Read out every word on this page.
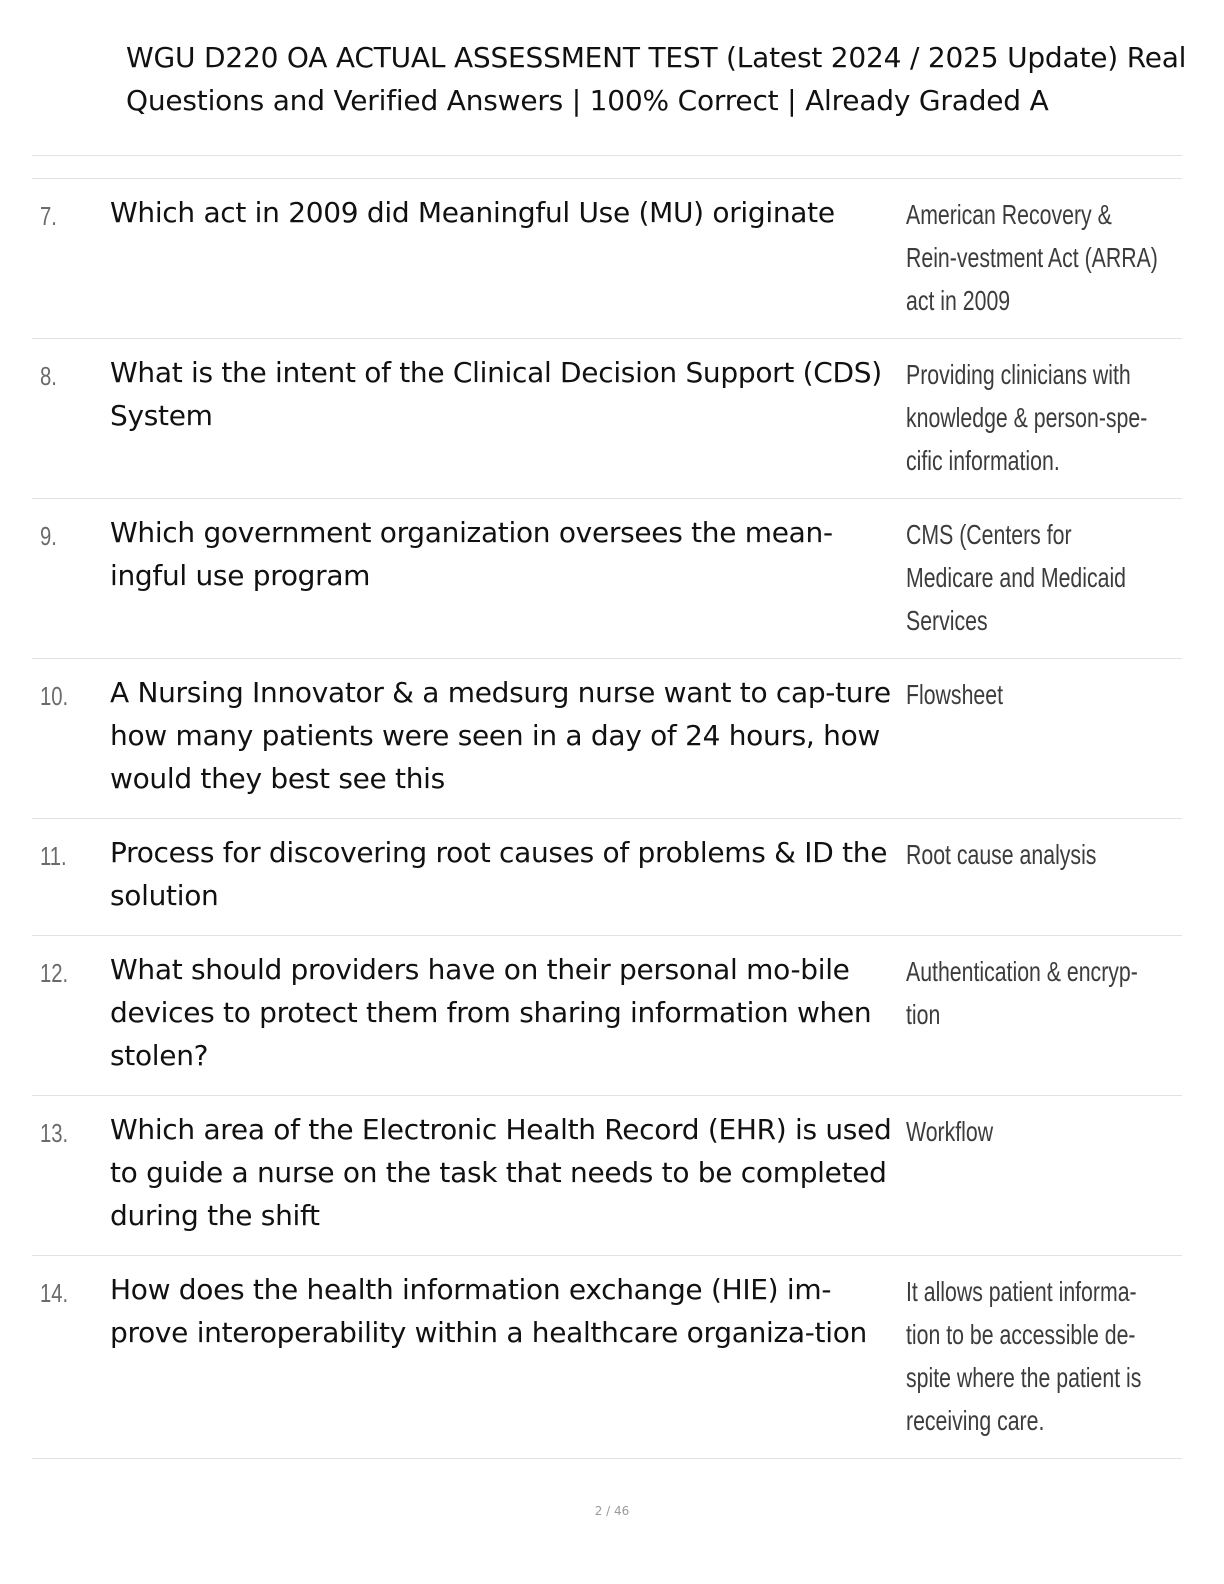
WGU D220 OA ACTUAL ASSESSMENT TEST (Latest 2024 / 2025 Update) Real
Questions and Verified Answers | 100% Correct | Already Graded A
7. Which act in 2009 did Meaningful Use (MU) originate	American Recovery & Rein-vestment Act (ARRA) act in 2009
8. What is the intent of the Clinical Decision Support (CDS) System
Providing clinicians with knowledge & person-spe-cific information.
9. Which government organization oversees the mean-ingful use program
CMS (Centers for Medicare and Medicaid Services
10. A Nursing Innovator & a medsurg nurse want to cap-ture how many patients were seen in a day of 24 hours, how would they best see this
Flowsheet
11. Process for discovering root causes of problems & ID the solution
Root cause analysis
12. What should providers have on their personal mo-bile devices to protect them from sharing information when stolen?
Authentication & encryp-tion
13. Which area of the Electronic Health Record (EHR) is used to guide a nurse on the task that needs to be completed during the shift
Workflow
14. How does the health information exchange (HIE) im-prove interoperability within a healthcare organiza-tion
It allows patient informa-tion to be accessible de-spite where the patient is receiving care.
2 / 46
